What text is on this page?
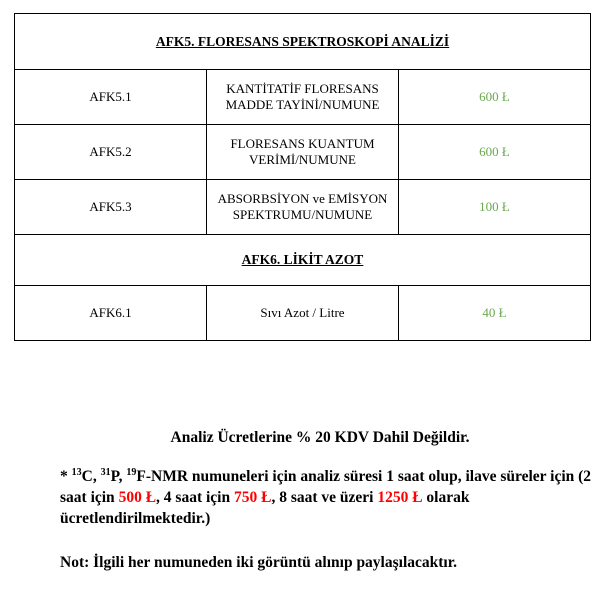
AFK5. FLORESANS SPEKTROSKOPİ ANALİZİ		
AFK5.1	KANTİTATİF FLORESANS MADDE TAYİNİ/NUMUNE	600 Ł
AFK5.2	FLORESANS KUANTUM VERİMİ/NUMUNE	600 Ł
AFK5.3	ABSORBSİYON ve EMİSYON SPEKTRUMU/NUMUNE	100 Ł
AFK6. LİKİT AZOT		
AFK6.1	Sıvı Azot / Litre	40 Ł
Analiz Ücretlerine % 20 KDV Dahil Değildir.
* $^{13}$C, $^{31}$P, $^{19}$F-NMR numuneleri için analiz süresi 1 saat olup, ilave süreler için (2 saat için 500 Ł, 4 saat için 750 Ł, 8 saat ve üzeri 1250 Ł olarak ücretlendirilmektedir.)
Not: İlgili her numuneden iki görüntü alınıp paylaşılacaktır.
